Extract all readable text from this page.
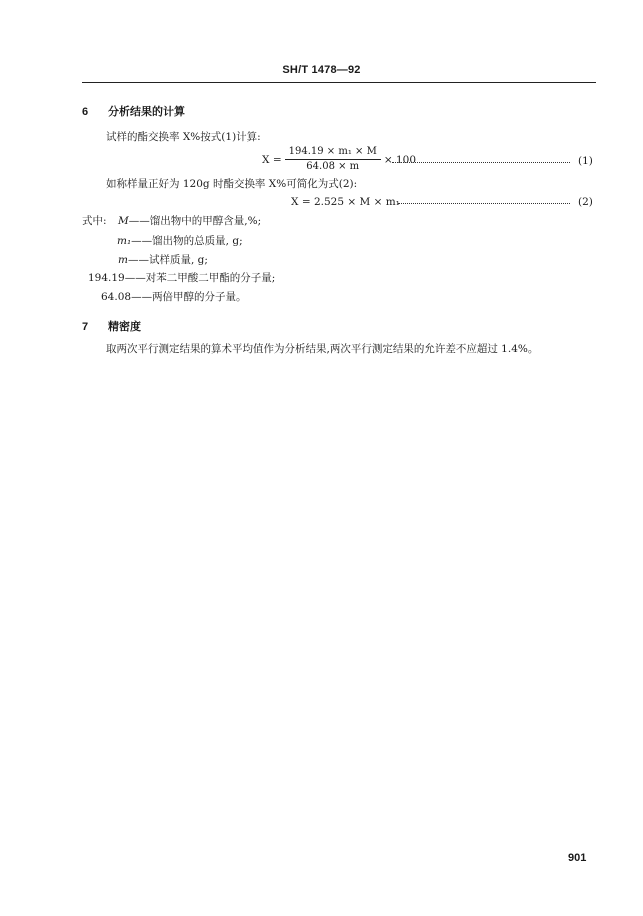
SH/T 1478—92
6 分析结果的计算
试样的酯交换率 X%按式(1)计算:
$X = \frac{\text{194.19 × m₁ × M}}{64.08 \times m} \times 100$	(1)
如称样量正好为 120g 时酯交换率 X%可简化为式(2):
X = 2.525 × M × m₁	(2)
式中: M——馏出物中的甲醇含量,%;
m₁——馏出物的总质量, g;
m——试样质量, g;
194.19——对苯二甲酸二甲酯的分子量;
64.08——两倍甲醇的分子量。
7 精密度
取两次平行测定结果的算术平均值作为分析结果,两次平行测定结果的允许差不应超过 1.4%。
901
